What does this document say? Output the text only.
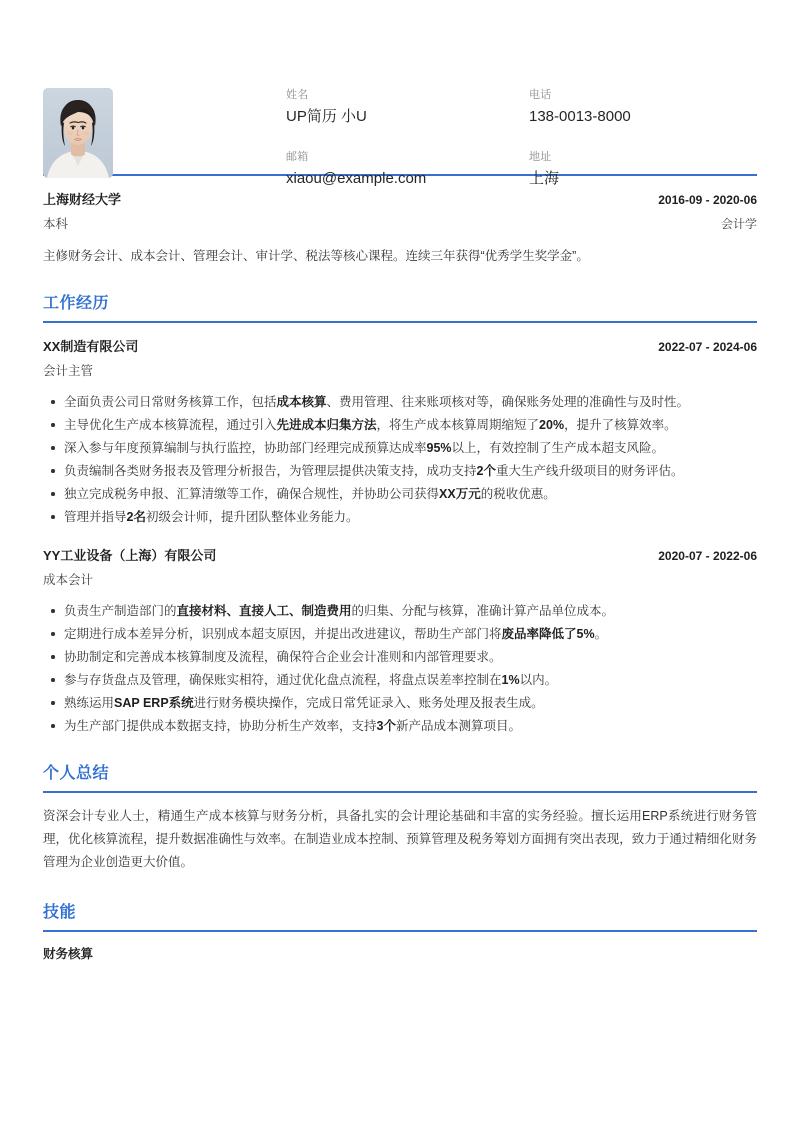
姓名
UP简历 小U
电话
138-0013-8000
邮箱
xiaou@example.com
地址
上海
上海财经大学	2016-09 - 2020-06
本科	会计学
主修财务会计、成本会计、管理会计、审计学、税法等核心课程。连续三年获得“优秀学生奖学金”。
工作经历
XX制造有限公司	2022-07 - 2024-06
会计主管
全面负责公司日常财务核算工作，包括成本核算、费用管理、往来账项核对等，确保账务处理的准确性与及时性。
主导优化生产成本核算流程，通过引入先进成本归集方法，将生产成本核算周期缩短了20%，提升了核算效率。
深入参与年度预算编制与执行监控，协助部门经理完成预算达成率95%以上，有效控制了生产成本超支风险。
负责编制各类财务报表及管理分析报告，为管理层提供决策支持，成功支持2个重大生产线升级项目的财务评估。
独立完成税务申报、汇算清缴等工作，确保合规性，并协助公司获得XX万元的税收优惠。
管理并指导2名初级会计师，提升团队整体业务能力。
YY工业设备（上海）有限公司	2020-07 - 2022-06
成本会计
负责生产制造部门的直接材料、直接人工、制造费用的归集、分配与核算，准确计算产品单位成本。
定期进行成本差异分析，识别成本超支原因，并提出改进建议，帮助生产部门将废品率降低了5%。
协助制定和完善成本核算制度及流程，确保符合企业会计准则和内部管理要求。
参与存货盘点及管理，确保账实相符，通过优化盘点流程，将盘点误差率控制在1%以内。
熟练运用SAP ERP系统进行财务模块操作，完成日常凭证录入、账务处理及报表生成。
为生产部门提供成本数据支持，协助分析生产效率，支持3个新产品成本测算项目。
个人总结
资深会计专业人士，精通生产成本核算与财务分析，具备扎实的会计理论基础和丰富的实务经验。擅长运用ERP系统进行财务管理，优化核算流程，提升数据准确性与效率。在制造业成本控制、预算管理及税务筹划方面拥有突出表现，致力于通过精细化财务管理为企业创造更大价值。
技能
财务核算
